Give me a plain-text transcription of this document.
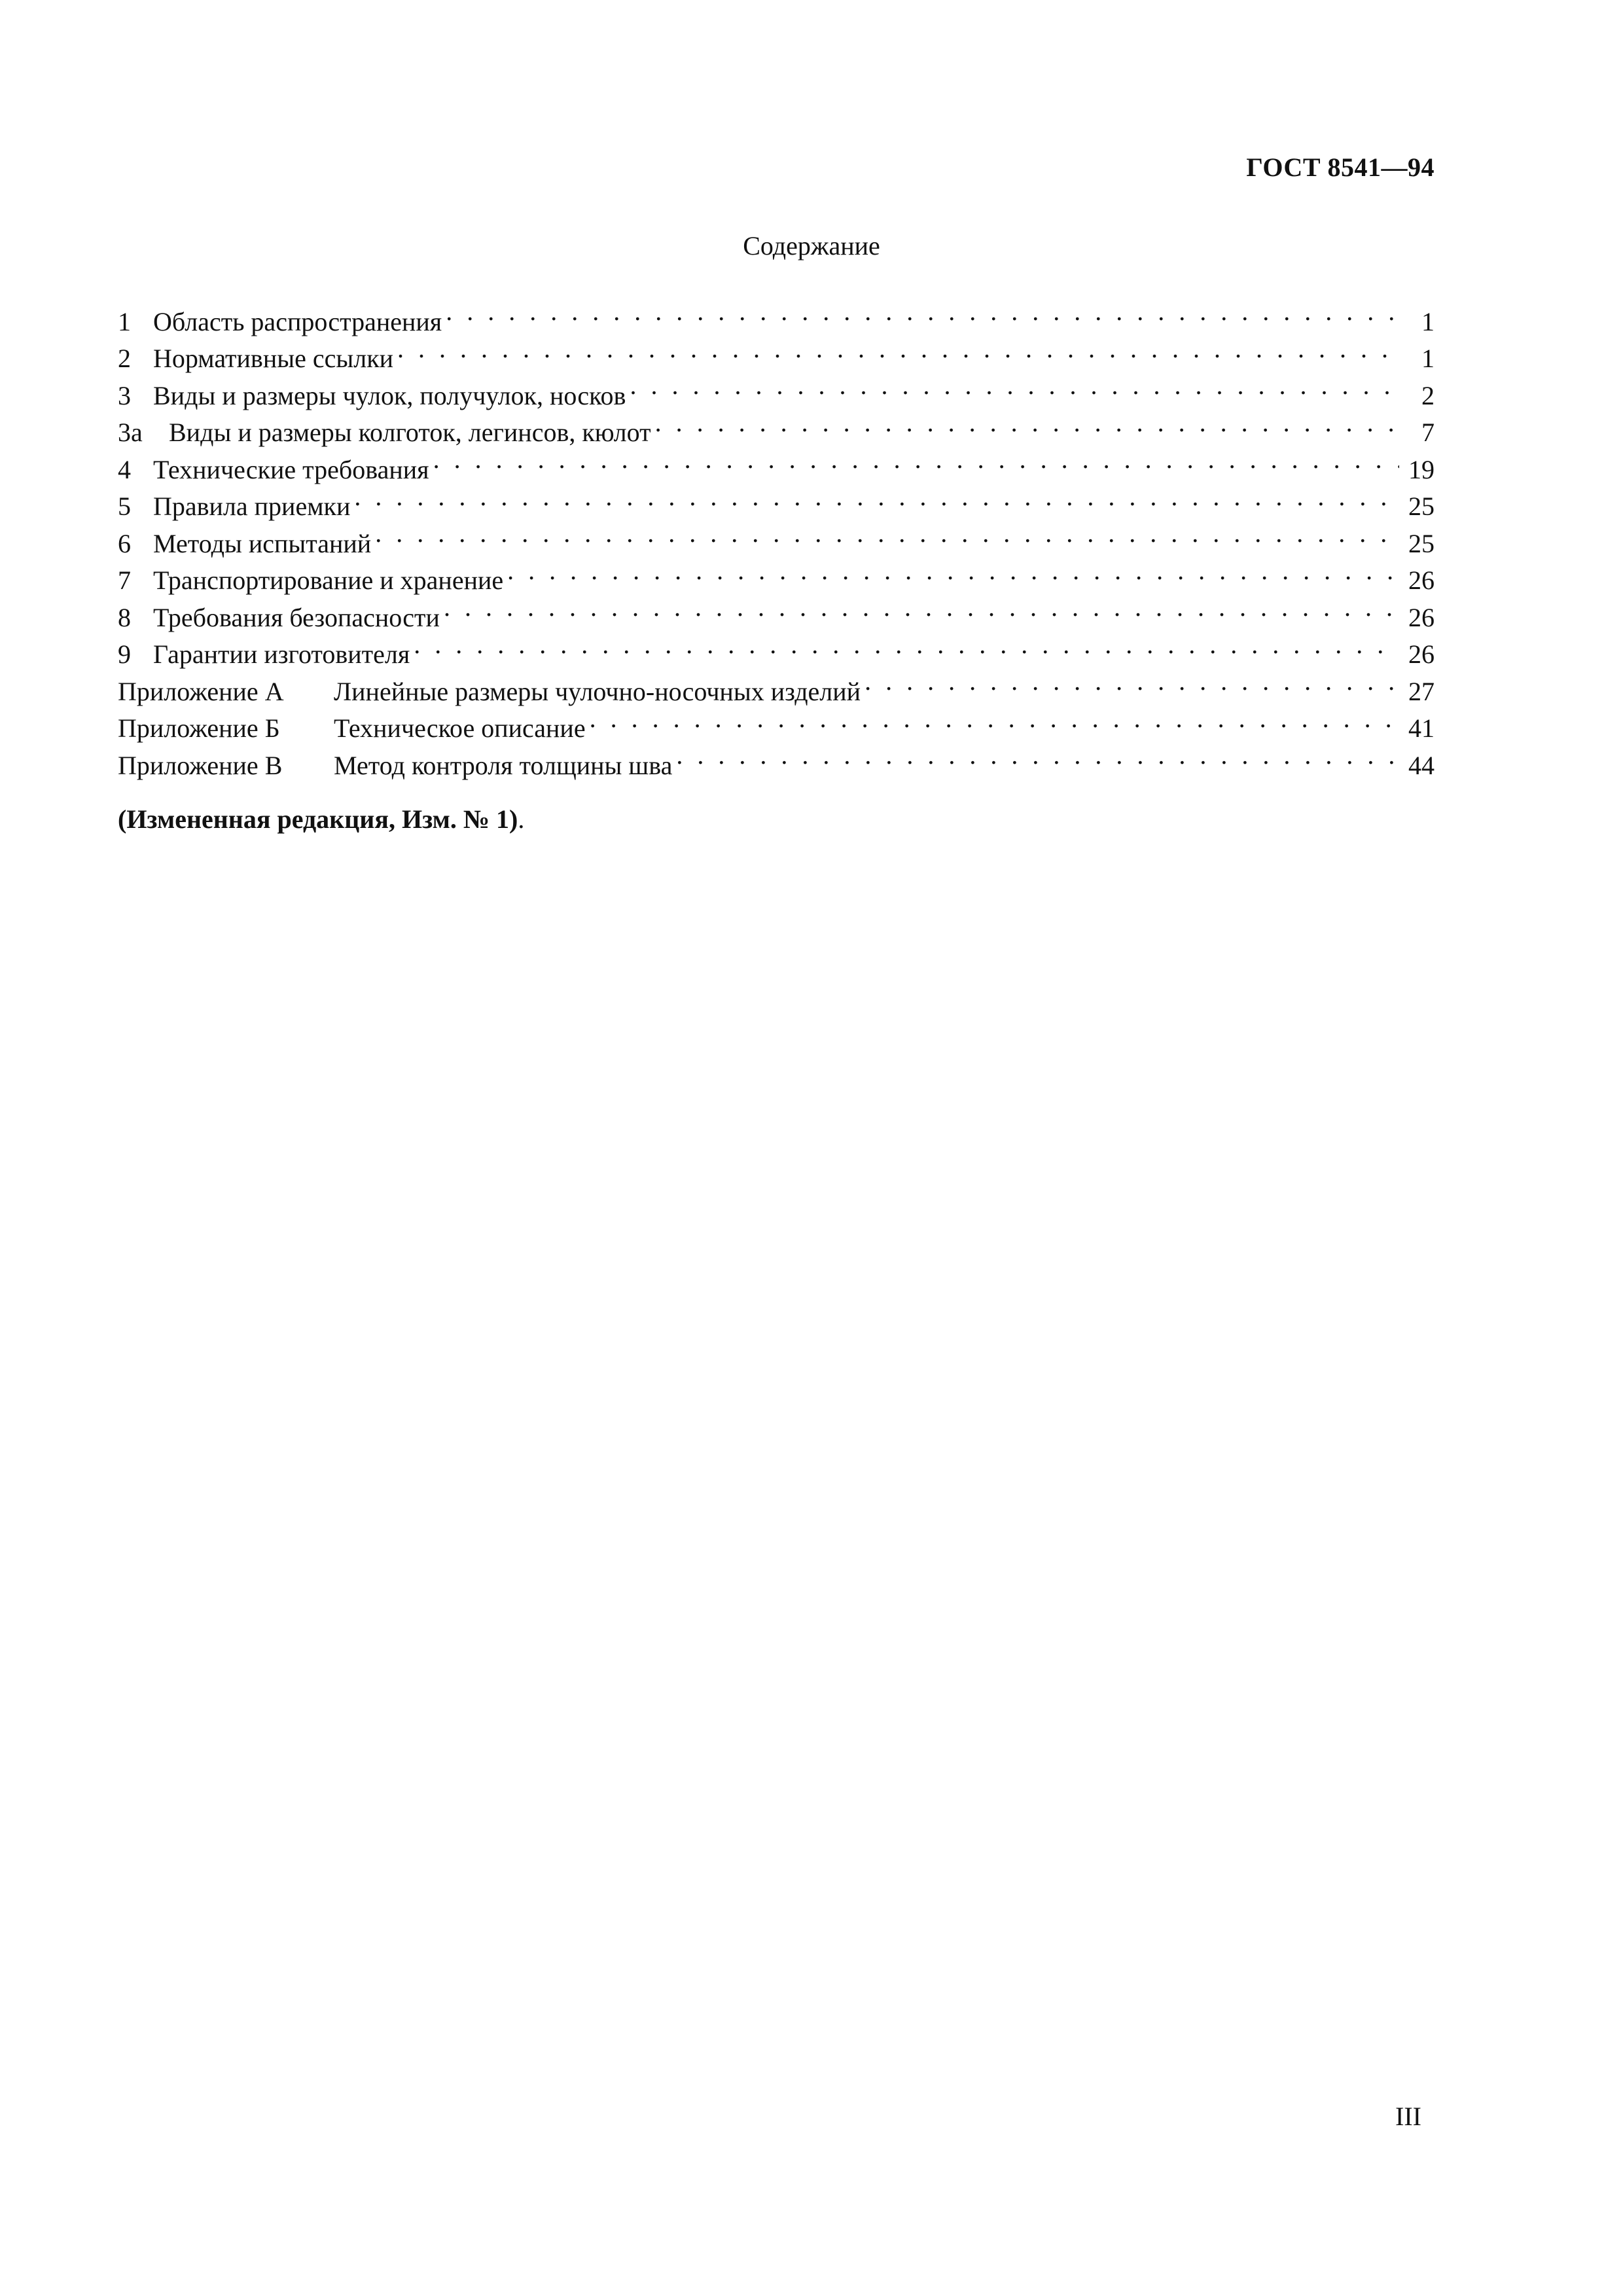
ГОСТ 8541—94
Содержание
1 Область распространения . . .	1
2 Нормативные ссылки . . .	1
3 Виды и размеры чулок, получулок, носков . . .	2
3а	Виды и размеры колготок, легинсов, кюлот . . .	7
4 Технические требования . . .	19
5 Правила приемки . . .	25
6 Методы испытаний . . .	25
7 Транспортирование и хранение . . .	26
8 Требования безопасности . . .	26
9 Гарантии изготовителя . . .	26
Приложение А	Линейные размеры чулочно-носочных изделий . . .	27
Приложение Б	Техническое описание . . .	41
Приложение В	Метод контроля толщины шва . . .	44
(Измененная редакция, Изм. № 1).
III
